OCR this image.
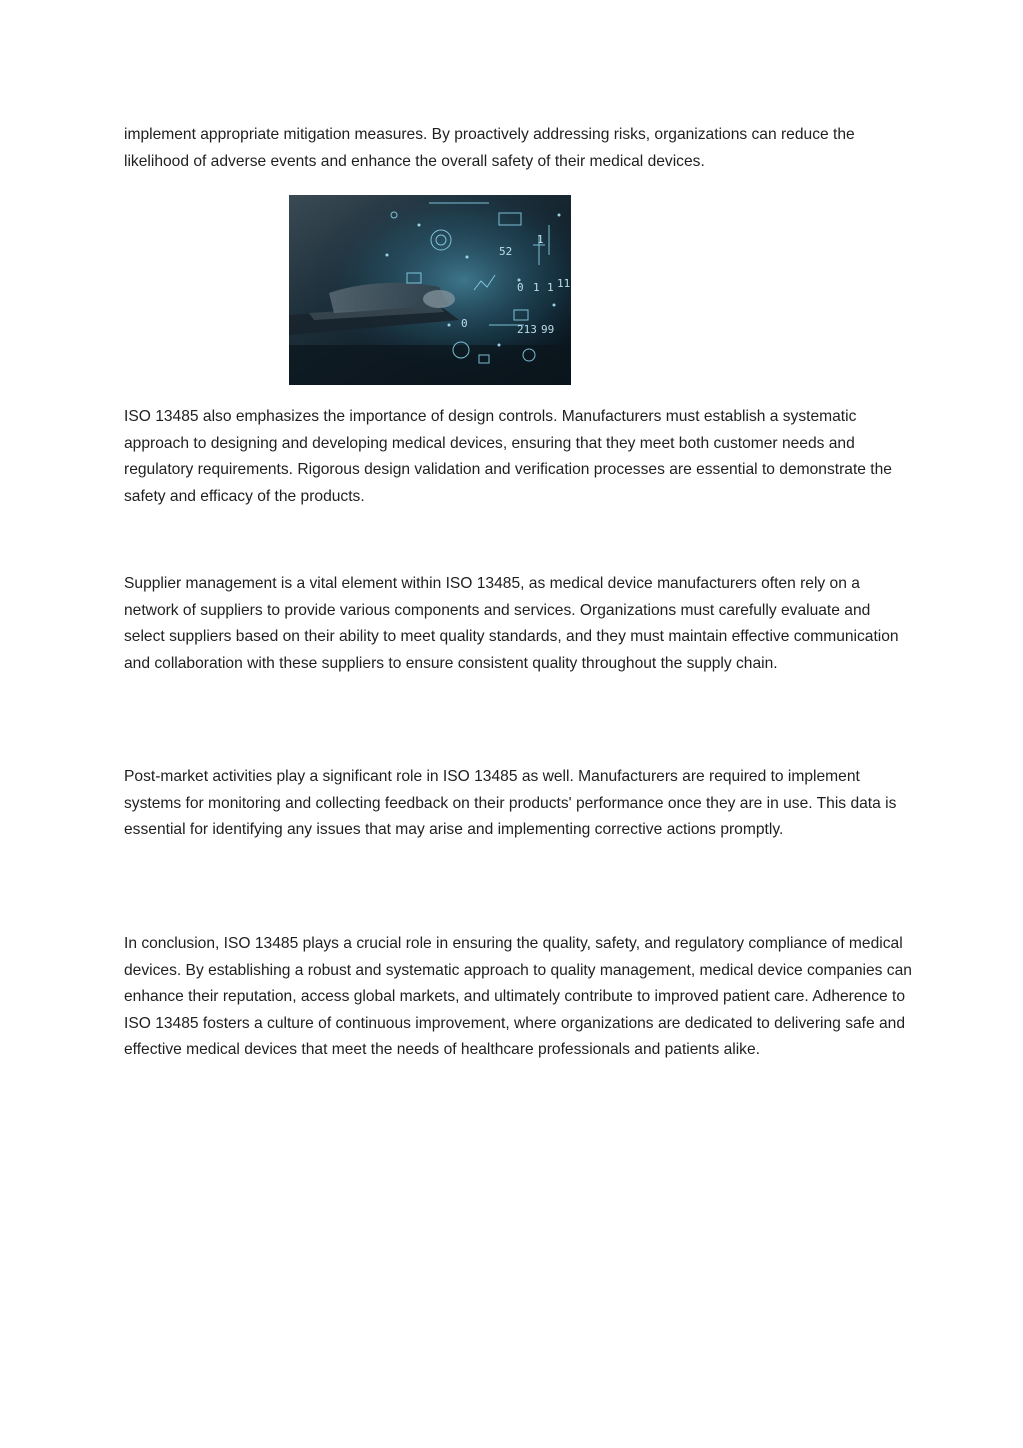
implement appropriate mitigation measures. By proactively addressing risks, organizations can reduce the likelihood of adverse events and enhance the overall safety of their medical devices.

52
1
0 1 1 11
0	213 99

ISO 13485 also emphasizes the importance of design controls. Manufacturers must establish a systematic approach to designing and developing medical devices, ensuring that they meet both customer needs and regulatory requirements. Rigorous design validation and verification processes are essential to demonstrate the safety and efficacy of the products.

Supplier management is a vital element within ISO 13485, as medical device manufacturers often rely on a network of suppliers to provide various components and services. Organizations must carefully evaluate and select suppliers based on their ability to meet quality standards, and they must maintain effective communication and collaboration with these suppliers to ensure consistent quality throughout the supply chain.

Post-market activities play a significant role in ISO 13485 as well. Manufacturers are required to implement systems for monitoring and collecting feedback on their products' performance once they are in use. This data is essential for identifying any issues that may arise and implementing corrective actions promptly.

In conclusion, ISO 13485 plays a crucial role in ensuring the quality, safety, and regulatory compliance of medical devices. By establishing a robust and systematic approach to quality management, medical device companies can enhance their reputation, access global markets, and ultimately contribute to improved patient care. Adherence to ISO 13485 fosters a culture of continuous improvement, where organizations are dedicated to delivering safe and effective medical devices that meet the needs of healthcare professionals and patients alike.
